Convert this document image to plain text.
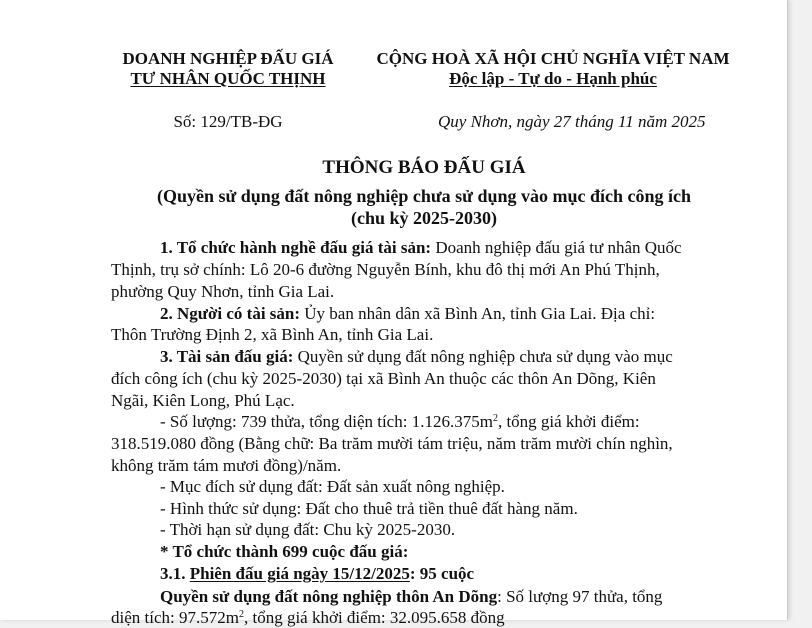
DOANH NGHIỆP ĐẤU GIÁ
TƯ NHÂN QUỐC THỊNH
CỘNG HOÀ XÃ HỘI CHỦ NGHĨA VIỆT NAM
Độc lập - Tự do - Hạnh phúc
Số: 129/TB-ĐG	Quy Nhơn, ngày 27 tháng 11 năm 2025
THÔNG BÁO ĐẤU GIÁ
(Quyền sử dụng đất nông nghiệp chưa sử dụng vào mục đích công ích
(chu kỳ 2025-2030)
1. Tổ chức hành nghề đấu giá tài sản: Doanh nghiệp đấu giá tư nhân Quốc
Thịnh, trụ sở chính: Lô 20-6 đường Nguyễn Bính, khu đô thị mới An Phú Thịnh,
phường Quy Nhơn, tỉnh Gia Lai.
2. Người có tài sản: Ủy ban nhân dân xã Bình An, tỉnh Gia Lai. Địa chỉ:
Thôn Trường Định 2, xã Bình An, tỉnh Gia Lai.
3. Tài sản đấu giá: Quyền sử dụng đất nông nghiệp chưa sử dụng vào mục
đích công ích (chu kỳ 2025-2030) tại xã Bình An thuộc các thôn An Dõng, Kiên
Ngãi, Kiên Long, Phú Lạc.
- Số lượng: 739 thửa, tổng diện tích: $1.126.375m^2$, tổng giá khởi điểm:
318.519.080 đồng (Bằng chữ: Ba trăm mười tám triệu, năm trăm mười chín nghìn,
không trăm tám mươi đồng)/năm.
- Mục đích sử dụng đất: Đất sản xuất nông nghiệp.
- Hình thức sử dụng: Đất cho thuê trả tiền thuê đất hàng năm.
- Thời hạn sử dụng đất: Chu kỳ 2025-2030.
* Tổ chức thành 699 cuộc đấu giá:
3.1. Phiên đấu giá ngày 15/12/2025: 95 cuộc
Quyền sử dụng đất nông nghiệp thôn An Dõng: Số lượng 97 thửa, tổng
diện tích: $97.572m^2$, tổng giá khởi điểm: 32.095.658 đồng
